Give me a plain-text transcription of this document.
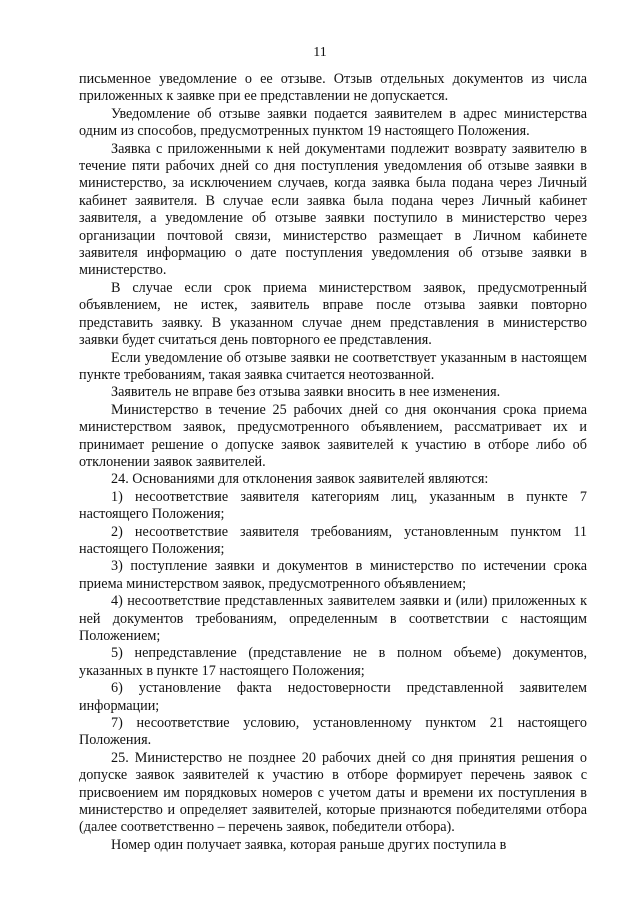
11

письменное уведомление о ее отзыве. Отзыв отдельных документов из числа приложенных к заявке при ее представлении не допускается.

Уведомление об отзыве заявки подается заявителем в адрес министерства одним из способов, предусмотренных пунктом 19 настоящего Положения.

Заявка с приложенными к ней документами подлежит возврату заявителю в течение пяти рабочих дней со дня поступления уведомления об отзыве заявки в министерство, за исключением случаев, когда заявка была подана через Личный кабинет заявителя. В случае если заявка была подана через Личный кабинет заявителя, а уведомление об отзыве заявки поступило в министерство через организации почтовой связи, министерство размещает в Личном кабинете заявителя информацию о дате поступления уведомления об отзыве заявки в министерство.

В случае если срок приема министерством заявок, предусмотренный объявлением, не истек, заявитель вправе после отзыва заявки повторно представить заявку. В указанном случае днем представления в министерство заявки будет считаться день повторного ее представления.

Если уведомление об отзыве заявки не соответствует указанным в настоящем пункте требованиям, такая заявка считается неотозванной.

Заявитель не вправе без отзыва заявки вносить в нее изменения.

Министерство в течение 25 рабочих дней со дня окончания срока приема министерством заявок, предусмотренного объявлением, рассматривает их и принимает решение о допуске заявок заявителей к участию в отборе либо об отклонении заявок заявителей.

24. Основаниями для отклонения заявок заявителей являются:

1) несоответствие заявителя категориям лиц, указанным в пункте 7 настоящего Положения;

2) несоответствие заявителя требованиям, установленным пунктом 11 настоящего Положения;

3) поступление заявки и документов в министерство по истечении срока приема министерством заявок, предусмотренного объявлением;

4) несоответствие представленных заявителем заявки и (или) приложенных к ней документов требованиям, определенным в соответствии с настоящим Положением;

5) непредставление (представление не в полном объеме) документов, указанных в пункте 17 настоящего Положения;

6) установление факта недостоверности представленной заявителем информации;

7) несоответствие условию, установленному пунктом 21 настоящего Положения.

25. Министерство не позднее 20 рабочих дней со дня принятия решения о допуске заявок заявителей к участию в отборе формирует перечень заявок с присвоением им порядковых номеров с учетом даты и времени их поступления в министерство и определяет заявителей, которые признаются победителями отбора (далее соответственно – перечень заявок, победители отбора).

Номер один получает заявка, которая раньше других поступила в
